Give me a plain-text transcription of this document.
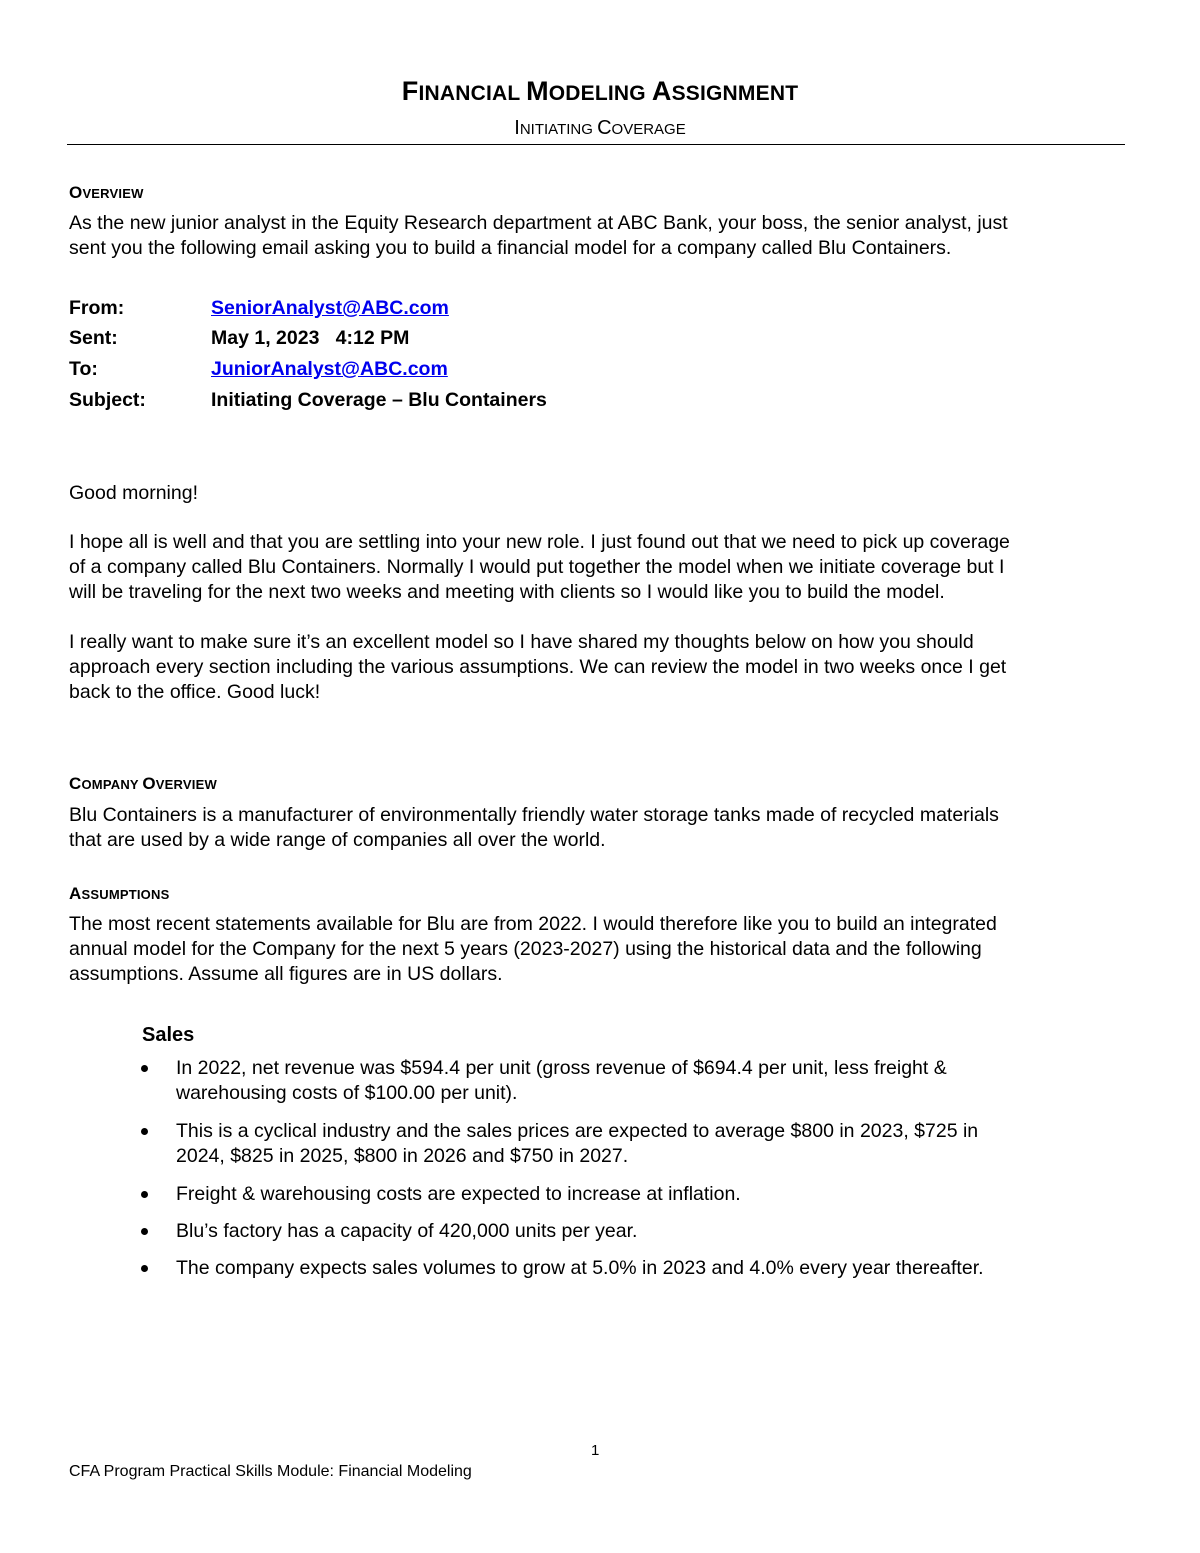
FINANCIAL MODELING ASSIGNMENT
INITIATING COVERAGE
OVERVIEW
As the new junior analyst in the Equity Research department at ABC Bank, your boss, the senior analyst, just
sent you the following email asking you to build a financial model for a company called Blu Containers.
From:	SeniorAnalyst@ABC.com
Sent:	May 1, 2023   4:12 PM
To:	JuniorAnalyst@ABC.com
Subject:	Initiating Coverage – Blu Containers
Good morning!
I hope all is well and that you are settling into your new role. I just found out that we need to pick up coverage
of a company called Blu Containers. Normally I would put together the model when we initiate coverage but I
will be traveling for the next two weeks and meeting with clients so I would like you to build the model.
I really want to make sure it’s an excellent model so I have shared my thoughts below on how you should
approach every section including the various assumptions. We can review the model in two weeks once I get
back to the office. Good luck!
COMPANY OVERVIEW
Blu Containers is a manufacturer of environmentally friendly water storage tanks made of recycled materials
that are used by a wide range of companies all over the world.
ASSUMPTIONS
The most recent statements available for Blu are from 2022. I would therefore like you to build an integrated
annual model for the Company for the next 5 years (2023-2027) using the historical data and the following
assumptions. Assume all figures are in US dollars.
Sales
In 2022, net revenue was $594.4 per unit (gross revenue of $694.4 per unit, less freight &
warehousing costs of $100.00 per unit).
This is a cyclical industry and the sales prices are expected to average $800 in 2023, $725 in
2024, $825 in 2025, $800 in 2026 and $750 in 2027.
Freight & warehousing costs are expected to increase at inflation.
Blu’s factory has a capacity of 420,000 units per year.
The company expects sales volumes to grow at 5.0% in 2023 and 4.0% every year thereafter.
1
CFA Program Practical Skills Module: Financial Modeling
